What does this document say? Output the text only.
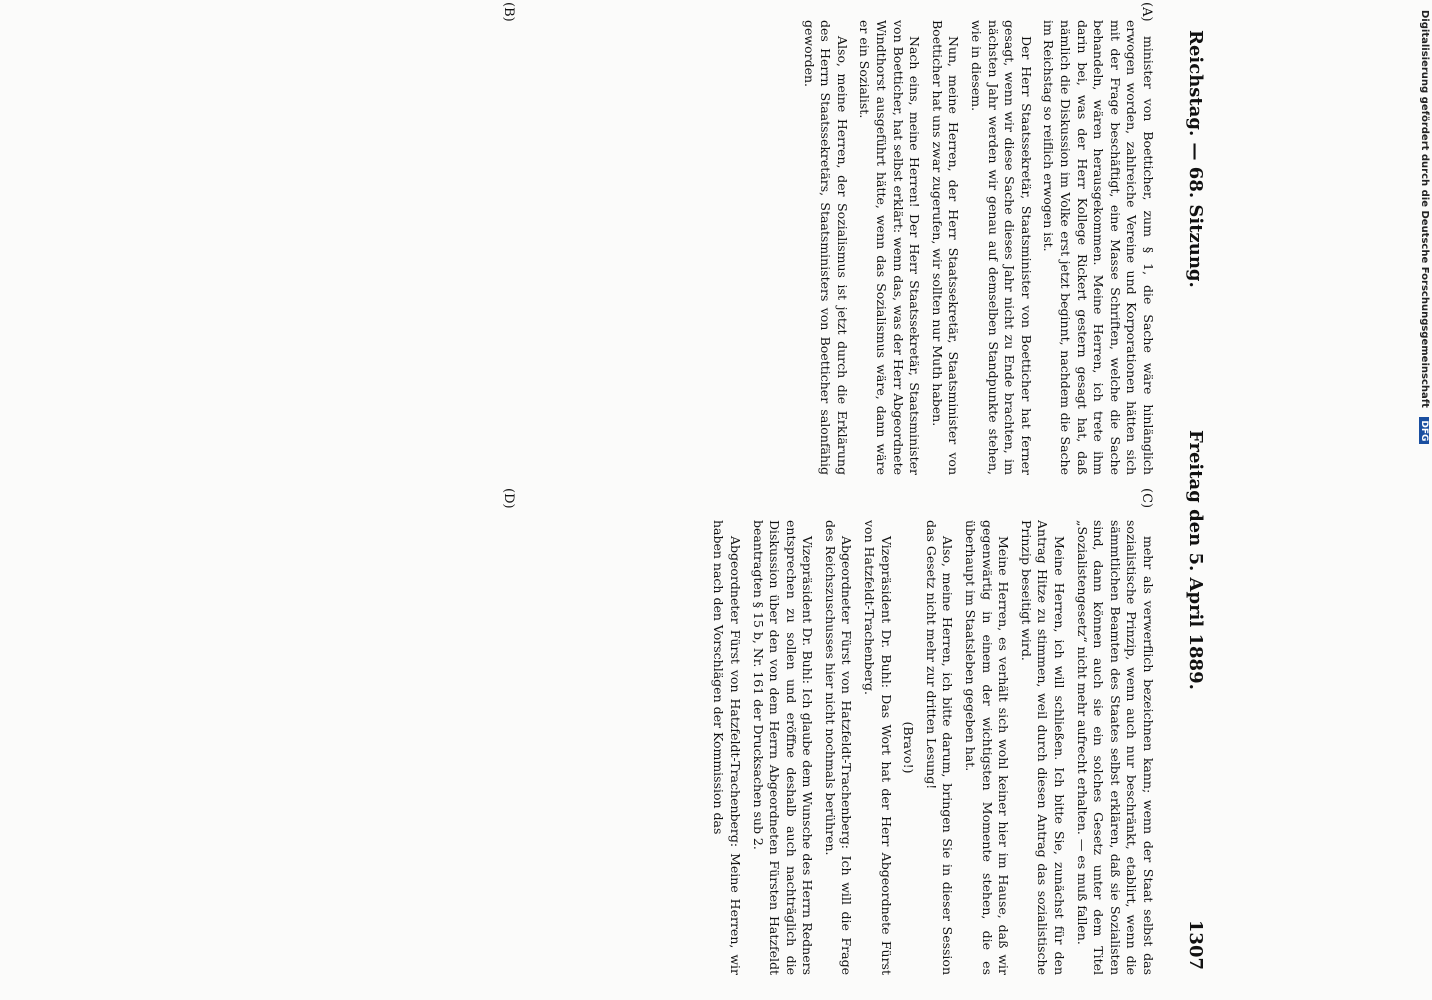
Reichstag. — 68. Sitzung.
Freitag den 5. April 1889.
1307
(A)
(B)
(C)
(D)

minister von Boetticher, zum § 1, die Sache wäre hinlänglich erwogen worden, zahlreiche Vereine und Korporationen hätten sich mit der Frage beschäftigt, eine Masse Schriften, welche die Sache behandeln, wären herausgekommen. Meine Herren, ich trete ihm darin bei, was der Herr Kollege Rickert gestern gesagt hat, daß nämlich die Diskussion im Volke erst jetzt beginnt, nachdem die Sache im Reichstag so reiflich erwogen ist.

Der Herr Staatssekretär, Staatsminister von Boetticher hat ferner gesagt, wenn wir diese Sache dieses Jahr nicht zu Ende brachten, im nächsten Jahr werden wir genau auf demselben Standpunkte stehen, wie in diesem.

Nun, meine Herren, der Herr Staatssekretär, Staatsminister von Boetticher hat uns zwar zugerufen, wir sollten nur Muth haben.

Nach eins, meine Herren! Der Herr Staatssekretär, Staatsminister von Boetticher, hat selbst erklärt: wenn das, was der Herr Abgeordnete Windthorst ausgeführt hätte, wenn das Sozialismus wäre, dann wäre er ein Sozialist.

Also, meine Herren, der Sozialismus ist jetzt durch die Erklärung des Herrn Staatssekretärs, Staatsministers von Boetticher salonfähig geworden.

mehr als verwerflich bezeichnen kann; wenn der Staat selbst das sozialistische Prinzip, wenn auch nur beschränkt, etablirt, wenn die sämmtlichen Beamten des Staates selbst erklären, daß sie Sozialisten sind, dann können auch sie ein solches Gesetz unter dem Titel „Sozialistengesetz“ nicht mehr aufrecht erhalten. — es muß fallen.

Meine Herren, ich will schließen. Ich bitte Sie, zunächst für den Antrag Hitze zu stimmen, weil durch diesen Antrag das sozialistische Prinzip beseitigt wird.

Meine Herren, es verhält sich wohl keiner hier im Hause, daß wir gegenwärtig in einem der wichtigsten Momente stehen, die es überhaupt im Staatsleben gegeben hat.

Also, meine Herren, ich bitte darum, bringen Sie in dieser Session das Gesetz nicht mehr zur dritten Lesung!

(Bravo!)

Vizepräsident Dr. Buhl: Das Wort hat der Herr Abgeordnete Fürst von Hatzfeldt-Trachenberg.

Abgeordneter Fürst von Hatzfeldt-Trachenberg: Ich will die Frage des Reichszuschusses hier nicht nochmals berühren.

Vizepräsident Dr. Buhl: Ich glaube dem Wunsche des Herrn Redners entsprechen zu sollen und eröffne deshalb auch nachträglich die Diskussion über den von dem Herrn Abgeordneten Fürsten Hatzfeldt beantragten § 15 b, Nr. 161 der Drucksachen sub 2.

Abgeordneter Fürst von Hatzfeldt-Trachenberg: Meine Herren, wir haben nach den Vorschlägen der Kommission das

Digitalisierung gefördert durch die Deutsche Forschungsgemeinschaft DFG
